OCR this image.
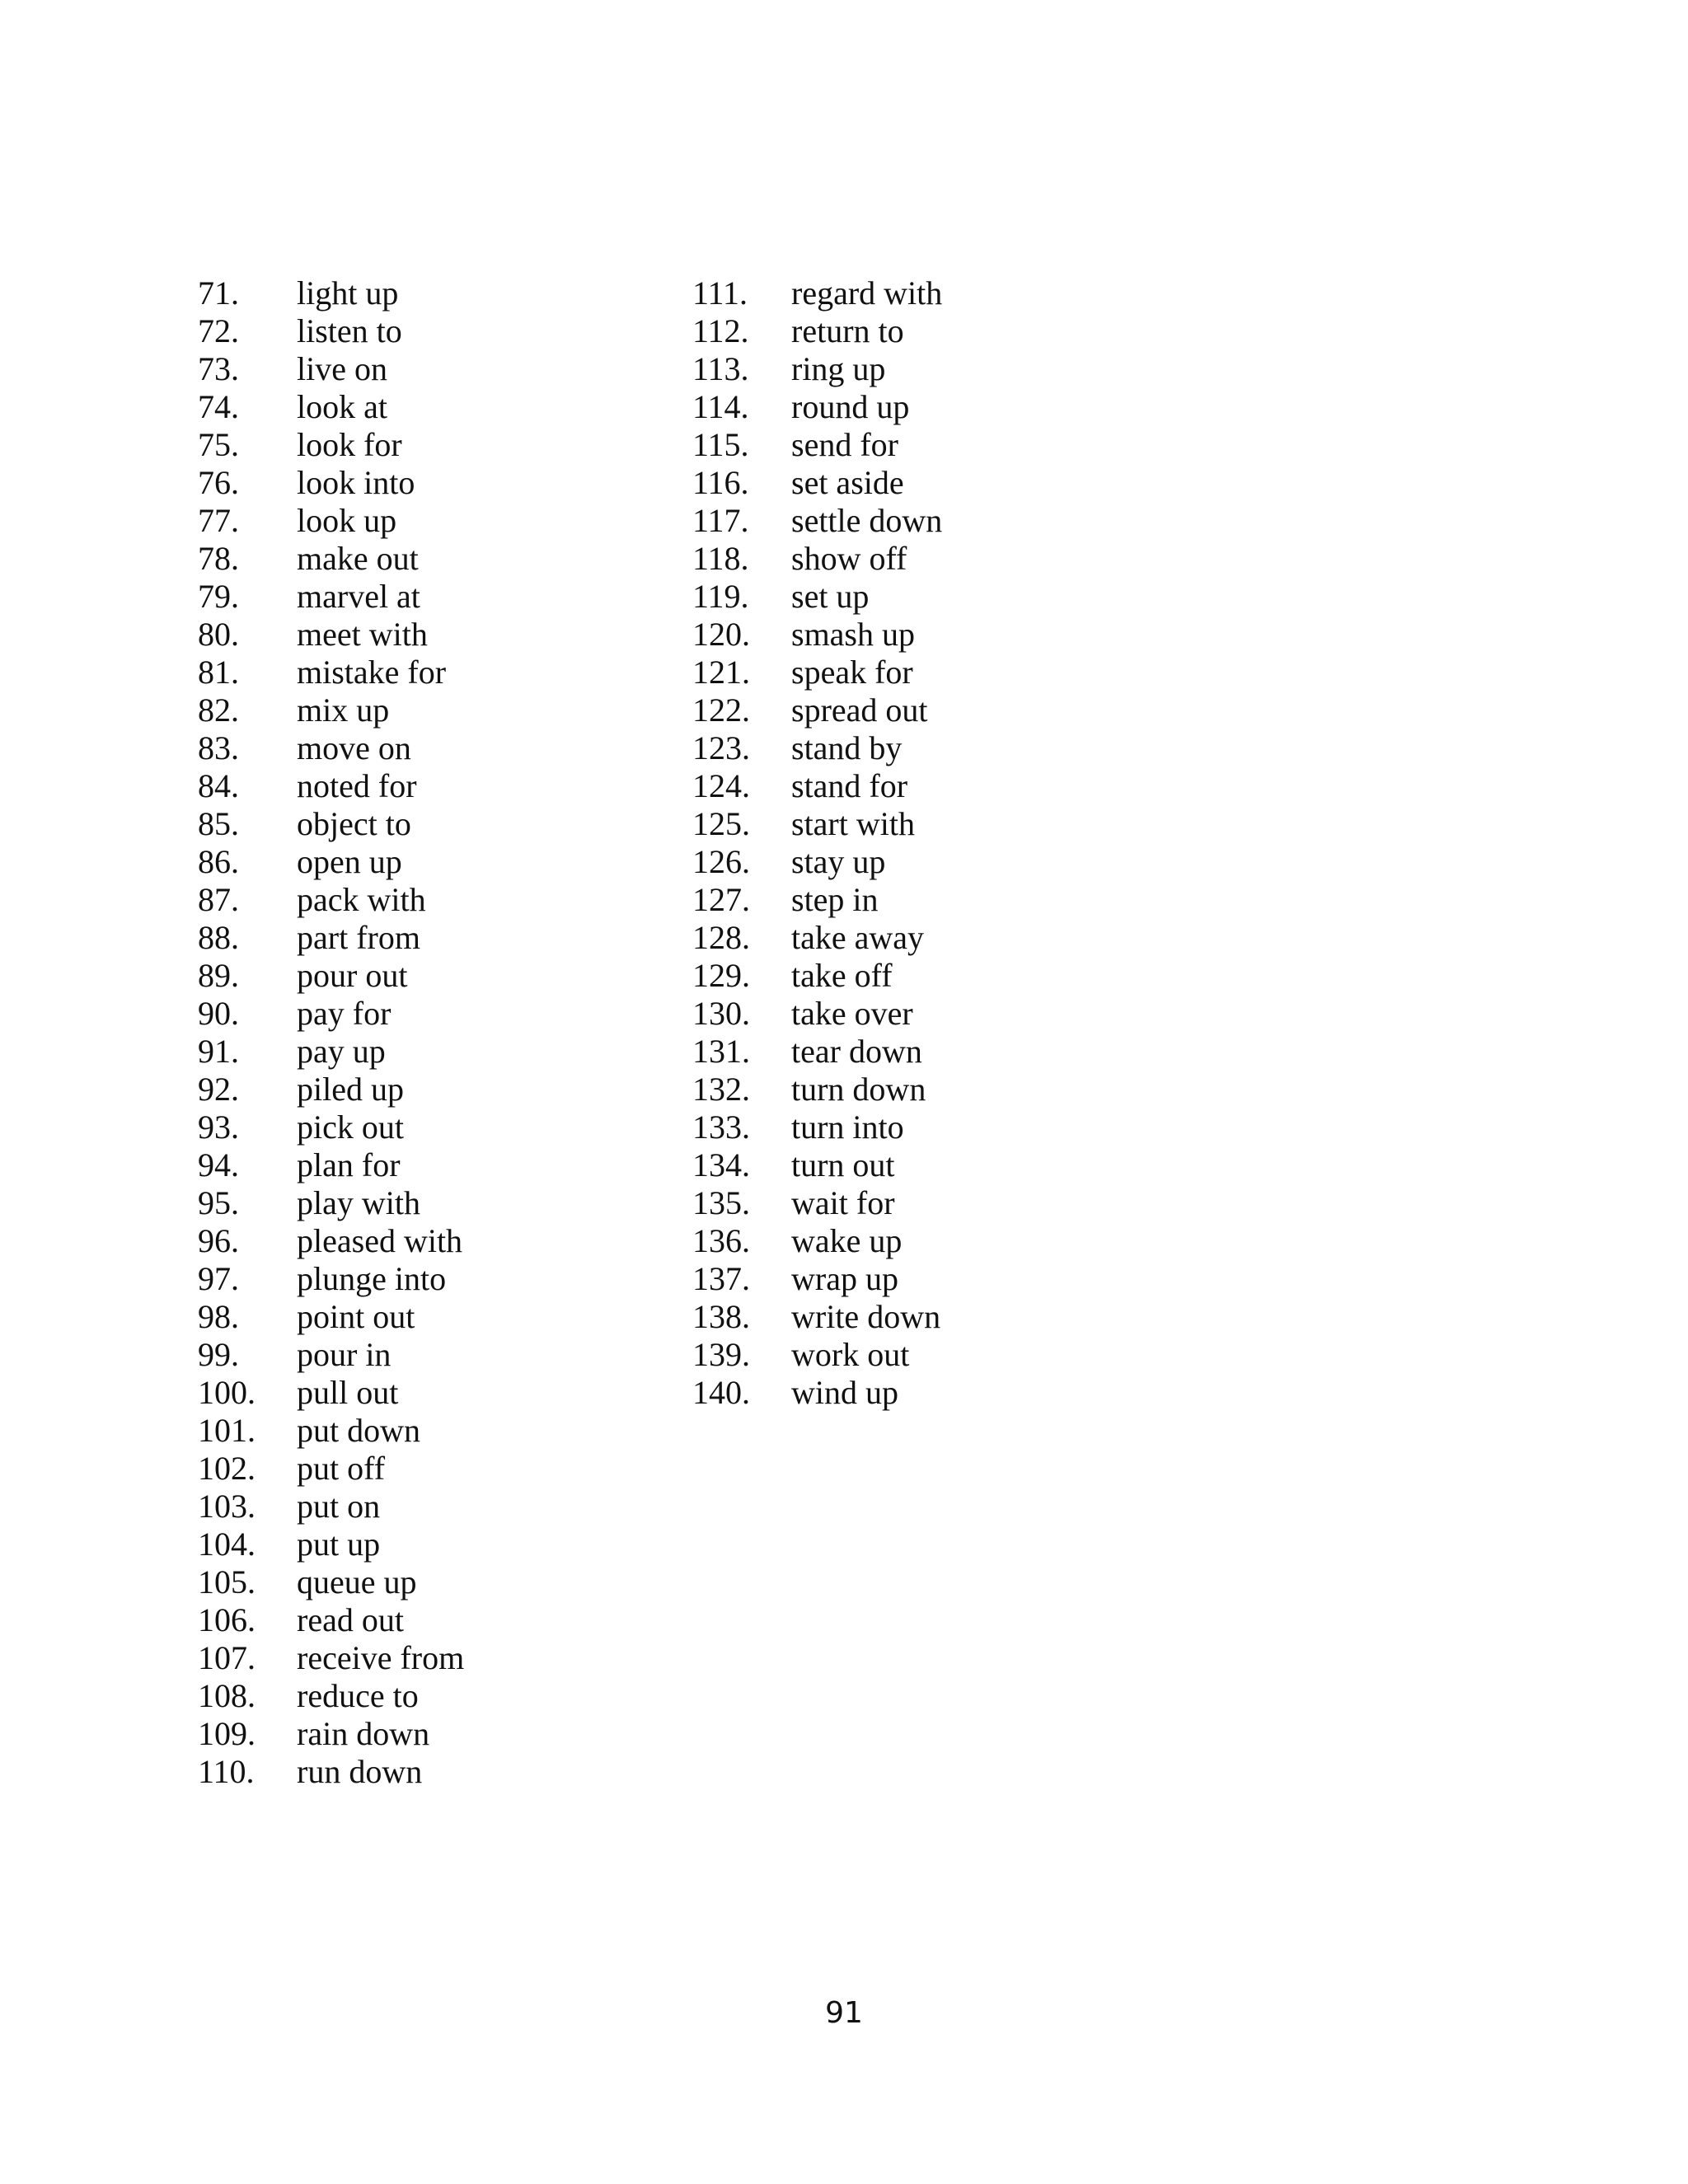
71. light up
72. listen to
73. live on
74. look at
75. look for
76. look into
77. look up
78. make out
79. marvel at
80. meet with
81. mistake for
82. mix up
83. move on
84. noted for
85. object to
86. open up
87. pack with
88. part from
89. pour out
90. pay for
91. pay up
92. piled up
93. pick out
94. plan for
95. play with
96. pleased with
97. plunge into
98. point out
99. pour in
100. pull out
101. put down
102. put off
103. put on
104. put up
105. queue up
106. read out
107. receive from
108. reduce to
109. rain down
110. run down
111. regard with
112. return to
113. ring up
114. round up
115. send for
116. set aside
117. settle down
118. show off
119. set up
120. smash up
121. speak for
122. spread out
123. stand by
124. stand for
125. start with
126. stay up
127. step in
128. take away
129. take off
130. take over
131. tear down
132. turn down
133. turn into
134. turn out
135. wait for
136. wake up
137. wrap up
138. write down
139. work out
140. wind up
91
